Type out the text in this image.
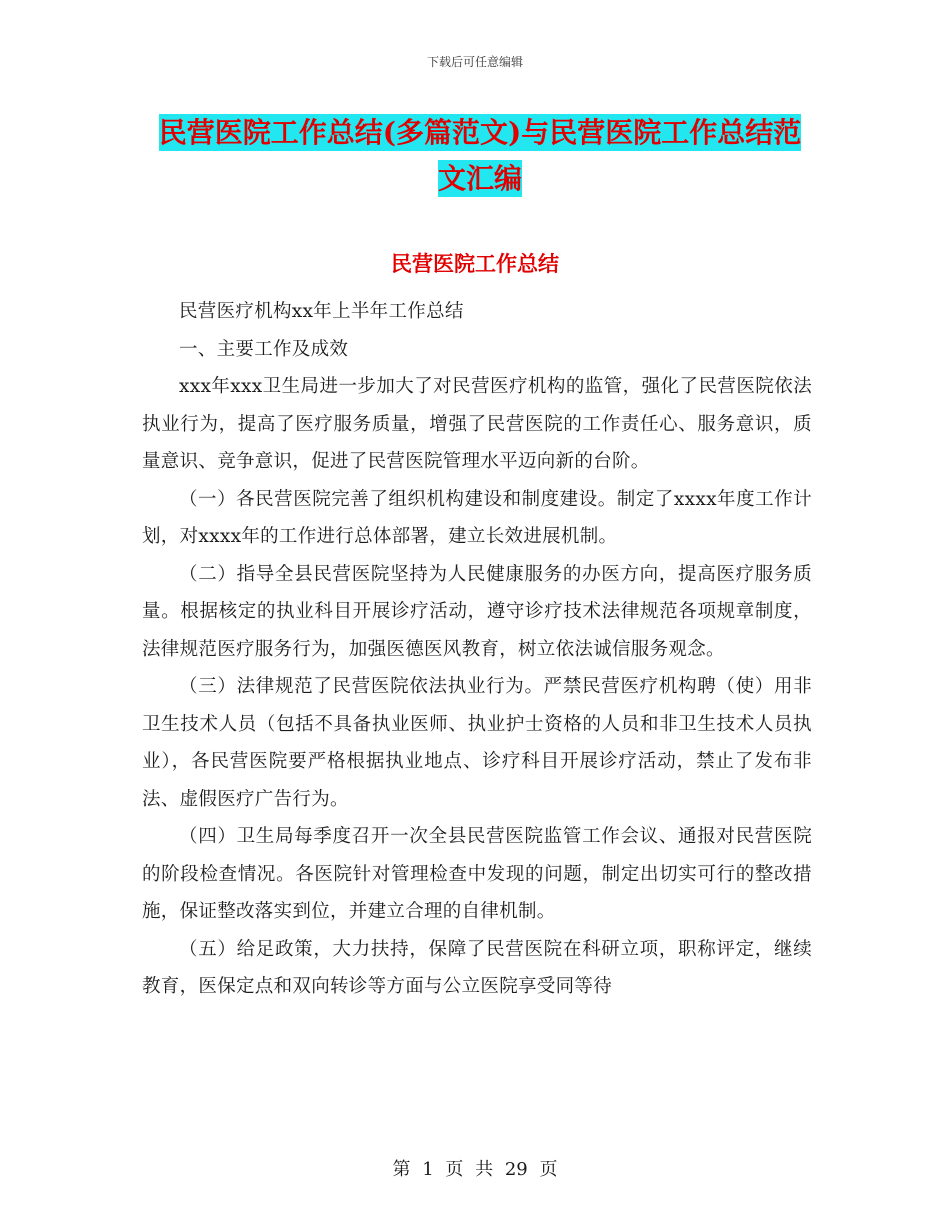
下载后可任意编辑
民营医院工作总结(多篇范文)与民营医院工作总结范
文汇编
民营医院工作总结

民营医疗机构xx年上半年工作总结

一、主要工作及成效

xxx年xxx卫生局进一步加大了对民营医疗机构的监管，强化了民营医院依法执业行为，提高了医疗服务质量，增强了民营医院的工作责任心、服务意识，质量意识、竞争意识，促进了民营医院管理水平迈向新的台阶。

（一）各民营医院完善了组织机构建设和制度建设。制定了xxxx年度工作计划，对xxxx年的工作进行总体部署，建立长效进展机制。

（二）指导全县民营医院坚持为人民健康服务的办医方向，提高医疗服务质量。根据核定的执业科目开展诊疗活动，遵守诊疗技术法律规范各项规章制度，法律规范医疗服务行为，加强医德医风教育，树立依法诚信服务观念。

（三）法律规范了民营医院依法执业行为。严禁民营医疗机构聘（使）用非卫生技术人员（包括不具备执业医师、执业护士资格的人员和非卫生技术人员执业），各民营医院要严格根据执业地点、诊疗科目开展诊疗活动，禁止了发布非法、虚假医疗广告行为。

（四）卫生局每季度召开一次全县民营医院监管工作会议、通报对民营医院的阶段检查情况。各医院针对管理检查中发现的问题，制定出切实可行的整改措施，保证整改落实到位，并建立合理的自律机制。

（五）给足政策，大力扶持，保障了民营医院在科研立项，职称评定，继续教育，医保定点和双向转诊等方面与公立医院享受同等待

第 1 页 共 29 页
